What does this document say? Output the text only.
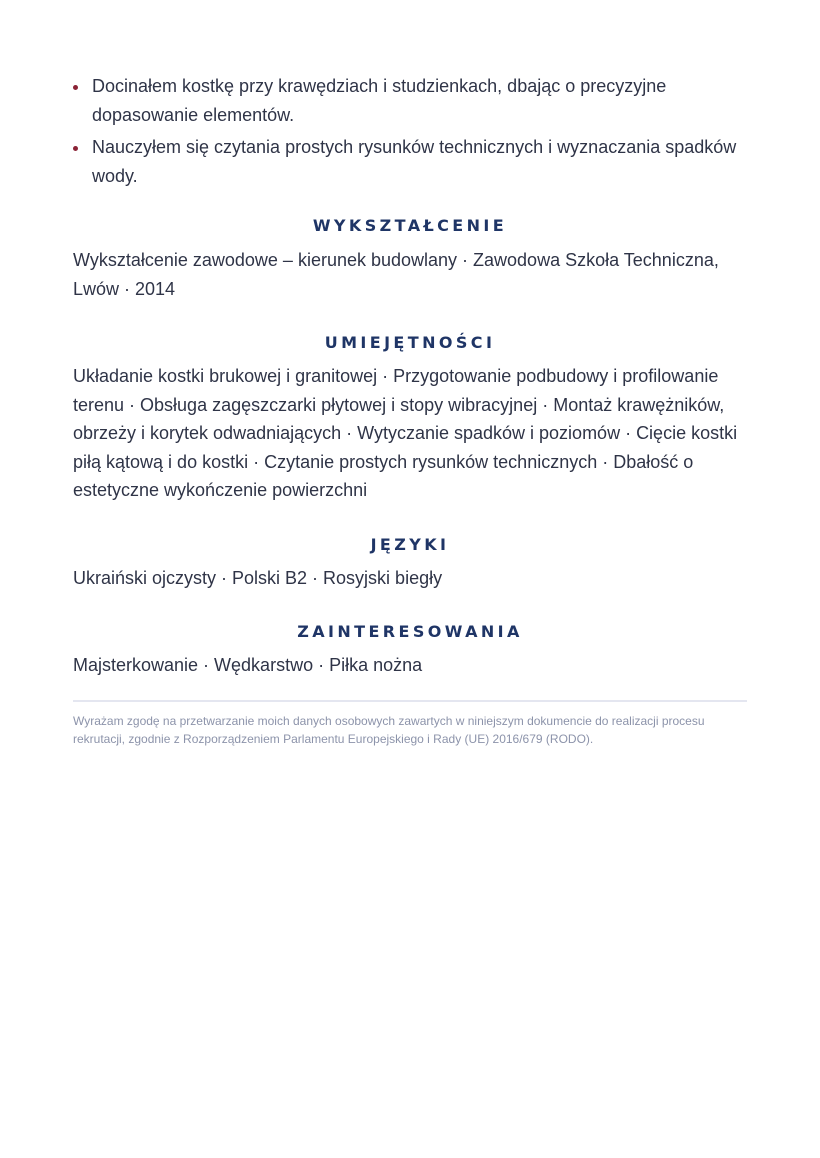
Docinałem kostkę przy krawędziach i studzienkach, dbając o precyzyjne dopasowanie elementów.
Nauczyłem się czytania prostych rysunków technicznych i wyznaczania spadków wody.
WYKSZTAŁCENIE

Wykształcenie zawodowe – kierunek budowlany · Zawodowa Szkoła Techniczna, Lwów · 2014

UMIEJĘTNOŚCI

Układanie kostki brukowej i granitowej · Przygotowanie podbudowy i profilowanie terenu · Obsługa zagęszczarki płytowej i stopy wibracyjnej · Montaż krawężników, obrzeży i korytek odwadniających · Wytyczanie spadków i poziomów · Cięcie kostki piłą kątową i do kostki · Czytanie prostych rysunków technicznych · Dbałość o estetyczne wykończenie powierzchni

JĘZYKI

Ukraiński ojczysty · Polski B2 · Rosyjski biegły

ZAINTERESOWANIA

Majsterkowanie · Wędkarstwo · Piłka nożna

Wyrażam zgodę na przetwarzanie moich danych osobowych zawartych w niniejszym dokumencie do realizacji procesu rekrutacji, zgodnie z Rozporządzeniem Parlamentu Europejskiego i Rady (UE) 2016/679 (RODO).
